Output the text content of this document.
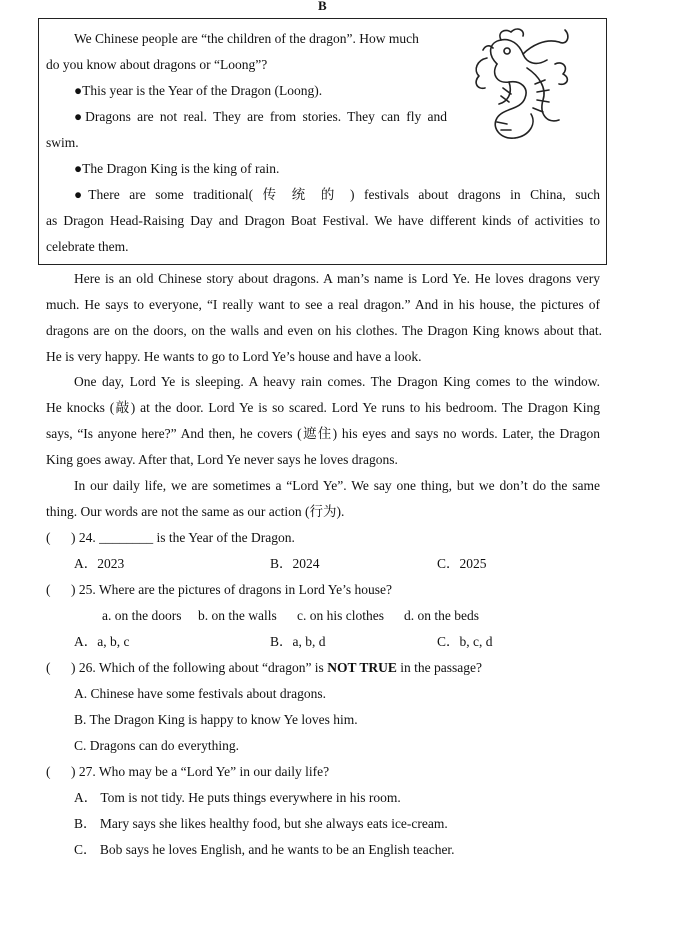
B
We Chinese people are “the children of the dragon”. How much
do you know about dragons or “Loong”?
●This year is the Year of the Dragon (Loong).
●Dragons are not real. They are from stories. They can fly and
swim.
●The Dragon King is the king of rain.
●There are some traditional( 传 统 的 ) festivals about dragons in China, such
as Dragon Head-Raising Day and Dragon Boat Festival. We have different kinds of activities to
celebrate them.
Here is an old Chinese story about dragons. A man’s name is Lord Ye. He loves dragons very
much. He says to everyone, “I really want to see a real dragon.” And in his house, the pictures of
dragons are on the doors, on the walls and even on his clothes. The Dragon King knows about that.
He is very happy. He wants to go to Lord Ye’s house and have a look.
One day, Lord Ye is sleeping. A heavy rain comes. The Dragon King comes to the window.
He knocks (敲) at the door. Lord Ye is so scared. Lord Ye runs to his bedroom. The Dragon King
says, “Is anyone here?” And then, he covers (遮住) his eyes and says no words. Later, the Dragon
King goes away. After that, Lord Ye never says he loves dragons.
In our daily life, we are sometimes a “Lord Ye”. We say one thing, but we don’t do the same
thing. Our words are not the same as our action (行为).
( ) 24. ________ is the Year of the Dragon.
A．2023	B．2024	C．2025
( ) 25. Where are the pictures of dragons in Lord Ye’s house?
a. on the doors b. on the walls c. on his clothes d. on the beds
A．a, b, c	B．a, b, d	C．b, c, d
( ) 26. Which of the following about “dragon” is NOT TRUE in the passage?
A. Chinese have some festivals about dragons.
B. The Dragon King is happy to know Ye loves him.
C. Dragons can do everything.
( ) 27. Who may be a “Lord Ye” in our daily life?
A． Tom is not tidy. He puts things everywhere in his room.
B． Mary says she likes healthy food, but she always eats ice-cream.
C． Bob says he loves English, and he wants to be an English teacher.
